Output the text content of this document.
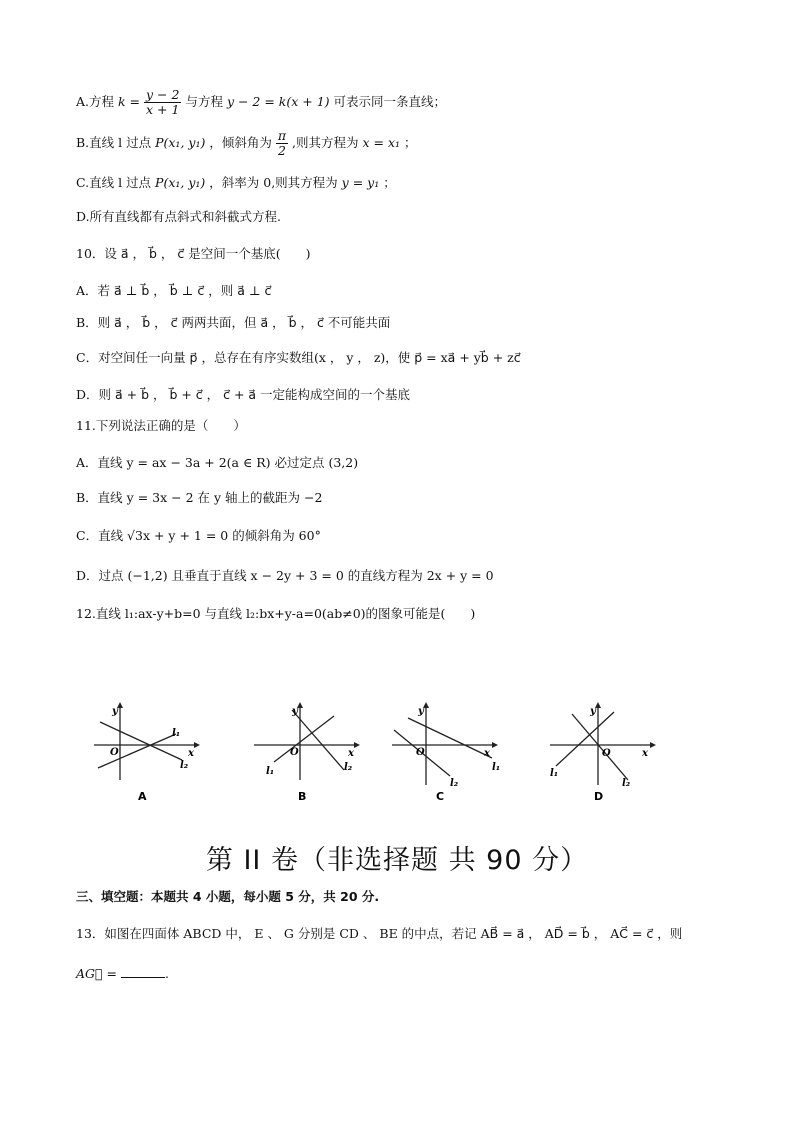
A.方程 $k = \frac{y - 2}{x + 1}$ 与方程 y − 2 = k(x + 1) 可表示同一条直线；
B.直线 l 过点 P(x₁, y₁) ，倾斜角为 $\frac{\pi}{2}$ ,则其方程为 x = x₁ ；
C.直线 l 过点 P(x₁, y₁) ，斜率为 0,则其方程为 y = y₁ ；
D.所有直线都有点斜式和斜截式方程.
10．设 a⃗ ， b⃗ ， c⃗ 是空间一个基底(　　)
A．若 a⃗ ⊥ b⃗ ， b⃗ ⊥ c⃗ ，则 a⃗ ⊥ c⃗
B．则 a⃗ ， b⃗ ， c⃗ 两两共面，但 a⃗ ， b⃗ ， c⃗ 不可能共面
C．对空间任一向量 p⃗ ，总存在有序实数组(x ， y ， z)，使 p⃗ = xa⃗ + yb⃗ + zc⃗
D．则 a⃗ + b⃗ ， b⃗ + c⃗ ， c⃗ + a⃗ 一定能构成空间的一个基底
11.下列说法正确的是（　　）
A．直线 y = ax − 3a + 2(a ∈ R) 必过定点 (3,2)
B．直线 y = 3x − 2 在 y 轴上的截距为 −2
C．直线 √3x + y + 1 = 0 的倾斜角为 60°
D．过点 (−1,2) 且垂直于直线 x − 2y + 3 = 0 的直线方程为 2x + y = 0
12.直线 l₁:ax-y+b=0 与直线 l₂:bx+y-a=0(ab≠0)的图象可能是(　　)
y
x
O
l₁
l₂
A
y
x
O
l₁	l₂
B
y
x
O
l₁
l₂
C
y
x
O
l₁
l₂
D
第 II 卷（非选择题 共 90 分）
三、填空题：本题共 4 小题，每小题 5 分，共 20 分.
13．如图在四面体 ABCD 中， E 、 G 分别是 CD 、 BE 的中点，若记 AB⃗ = a⃗ ， AD⃗ = b⃗ ， AC⃗ = c⃗ ，则
AG⃗ =	.
